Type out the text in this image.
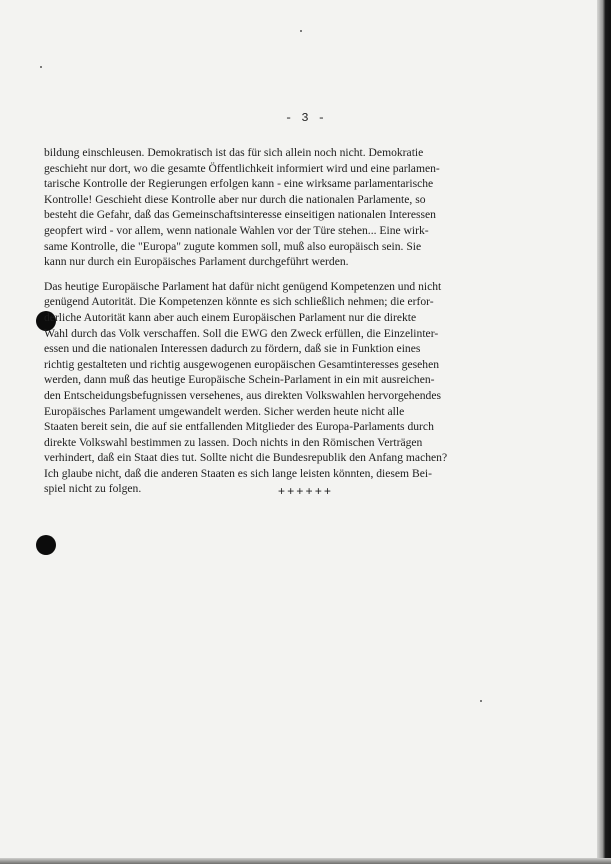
- 3 -

bildung einschleusen. Demokratisch ist das für sich allein noch nicht. Demokratie
geschieht nur dort, wo die gesamte Öffentlichkeit informiert wird und eine parlamen-
tarische Kontrolle der Regierungen erfolgen kann - eine wirksame parlamentarische
Kontrolle! Geschieht diese Kontrolle aber nur durch die nationalen Parlamente, so
besteht die Gefahr, daß das Gemeinschaftsinteresse einseitigen nationalen Interessen
geopfert wird - vor allem, wenn nationale Wahlen vor der Türe stehen... Eine wirk-
same Kontrolle, die "Europa" zugute kommen soll, muß also europäisch sein. Sie
kann nur durch ein Europäisches Parlament durchgeführt werden.

Das heutige Europäische Parlament hat dafür nicht genügend Kompetenzen und nicht
genügend Autorität. Die Kompetenzen könnte es sich schließlich nehmen; die erfor-
derliche Autorität kann aber auch einem Europäischen Parlament nur die direkte
Wahl durch das Volk verschaffen. Soll die EWG den Zweck erfüllen, die Einzelinter-
essen und die nationalen Interessen dadurch zu fördern, daß sie in Funktion eines
richtig gestalteten und richtig ausgewogenen europäischen Gesamtinteresses gesehen
werden, dann muß das heutige Europäische Schein-Parlament in ein mit ausreichen-
den Entscheidungsbefugnissen versehenes, aus direkten Volkswahlen hervorgehendes
Europäisches Parlament umgewandelt werden. Sicher werden heute nicht alle
Staaten bereit sein, die auf sie entfallenden Mitglieder des Europa-Parlaments durch
direkte Volkswahl bestimmen zu lassen. Doch nichts in den Römischen Verträgen
verhindert, daß ein Staat dies tut. Sollte nicht die Bundesrepublik den Anfang machen?
Ich glaube nicht, daß die anderen Staaten es sich lange leisten könnten, diesem Bei-
spiel nicht zu folgen.	++++++
